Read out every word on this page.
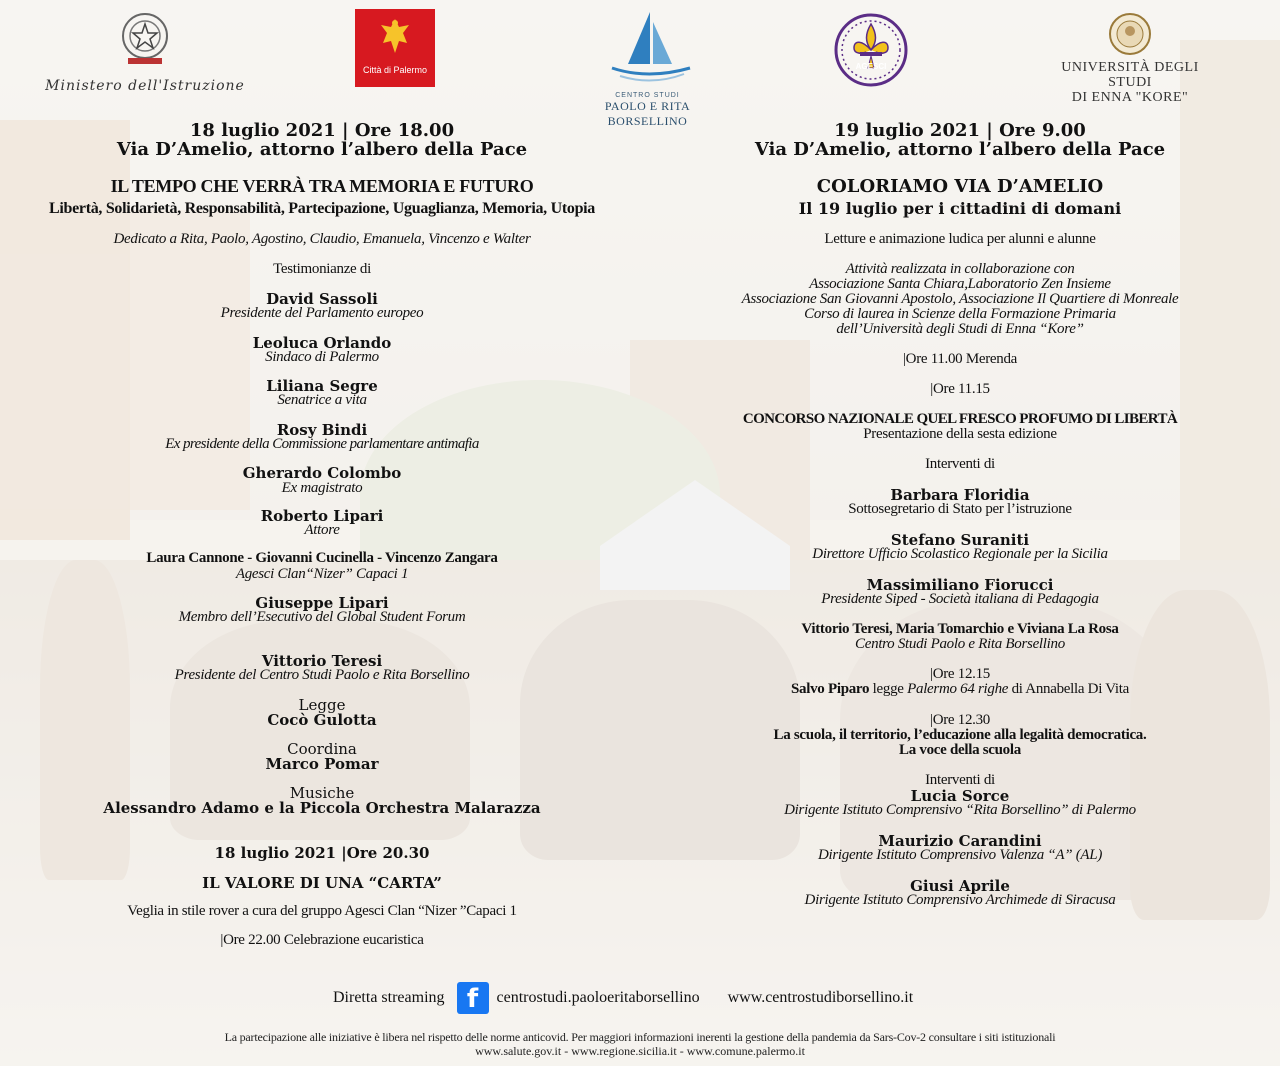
Ministero dell'Istruzione
Città di Palermo
CENTRO STUDI
PAOLO E RITA BORSELLINO
AGESCI	UNIVERSITÀ DEGLI STUDI
DI ENNA "KORE"
18 luglio 2021 | Ore 18.00
Via D’Amelio, attorno l’albero della Pace
IL TEMPO CHE VERRÀ TRA MEMORIA E FUTURO
Libertà, Solidarietà, Responsabilità, Partecipazione, Uguaglianza, Memoria, Utopia
Dedicato a Rita, Paolo, Agostino, Claudio, Emanuela, Vincenzo e Walter
Testimonianze di
David Sassoli
Presidente del Parlamento europeo
Leoluca Orlando
Sindaco di Palermo
Liliana Segre
Senatrice a vita
Rosy Bindi
Ex presidente della Commissione parlamentare antimafia
Gherardo Colombo
Ex magistrato
Roberto Lipari
Attore
Laura Cannone - Giovanni Cucinella - Vincenzo Zangara
Agesci Clan“Nizer” Capaci 1
Giuseppe Lipari
Membro dell’Esecutivo del Global Student Forum
Vittorio Teresi
Presidente del Centro Studi Paolo e Rita Borsellino
Legge
Cocò Gulotta
Coordina
Marco Pomar
Musiche
Alessandro Adamo e la Piccola Orchestra Malarazza
18 luglio 2021 |Ore 20.30
IL VALORE DI UNA “CARTA”
Veglia in stile rover a cura del gruppo Agesci Clan “Nizer ”Capaci 1
|Ore 22.00 Celebrazione eucaristica
19 luglio 2021 | Ore 9.00
Via D’Amelio, attorno l’albero della Pace
COLORIAMO VIA D’AMELIO
Il 19 luglio per i cittadini di domani
Letture e animazione ludica per alunni e alunne
Attività realizzata in collaborazione con
Associazione Santa Chiara,Laboratorio Zen Insieme
Associazione San Giovanni Apostolo, Associazione Il Quartiere di Monreale
Corso di laurea in Scienze della Formazione Primaria
dell’Università degli Studi di Enna “Kore”
|Ore 11.00 Merenda
|Ore 11.15
CONCORSO NAZIONALE QUEL FRESCO PROFUMO DI LIBERTÀ
Presentazione della sesta edizione
Interventi di
Barbara Floridia
Sottosegretario di Stato per l’istruzione
Stefano Suraniti
Direttore Ufficio Scolastico Regionale per la Sicilia
Massimiliano Fiorucci
Presidente Siped - Società italiana di Pedagogia
Vittorio Teresi, Maria Tomarchio e Viviana La Rosa
Centro Studi Paolo e Rita Borsellino
|Ore 12.15
Salvo Piparo legge Palermo 64 righe di Annabella Di Vita
|Ore 12.30
La scuola, il territorio, l’educazione alla legalità democratica.
La voce della scuola
Interventi di
Lucia Sorce
Dirigente Istituto Comprensivo “Rita Borsellino” di Palermo
Maurizio Carandini
Dirigente Istituto Comprensivo Valenza “A” (AL)
Giusi Aprile
Dirigente Istituto Comprensivo Archimede di Siracusa
Diretta streaming f	centrostudi.paoloeritaborsellino www.centrostudiborsellino.it
La partecipazione alle iniziative è libera nel rispetto delle norme anticovid. Per maggiori informazioni inerenti la gestione della pandemia da Sars-Cov-2 consultare i siti istituzionali
www.salute.gov.it - www.regione.sicilia.it - www.comune.palermo.it
